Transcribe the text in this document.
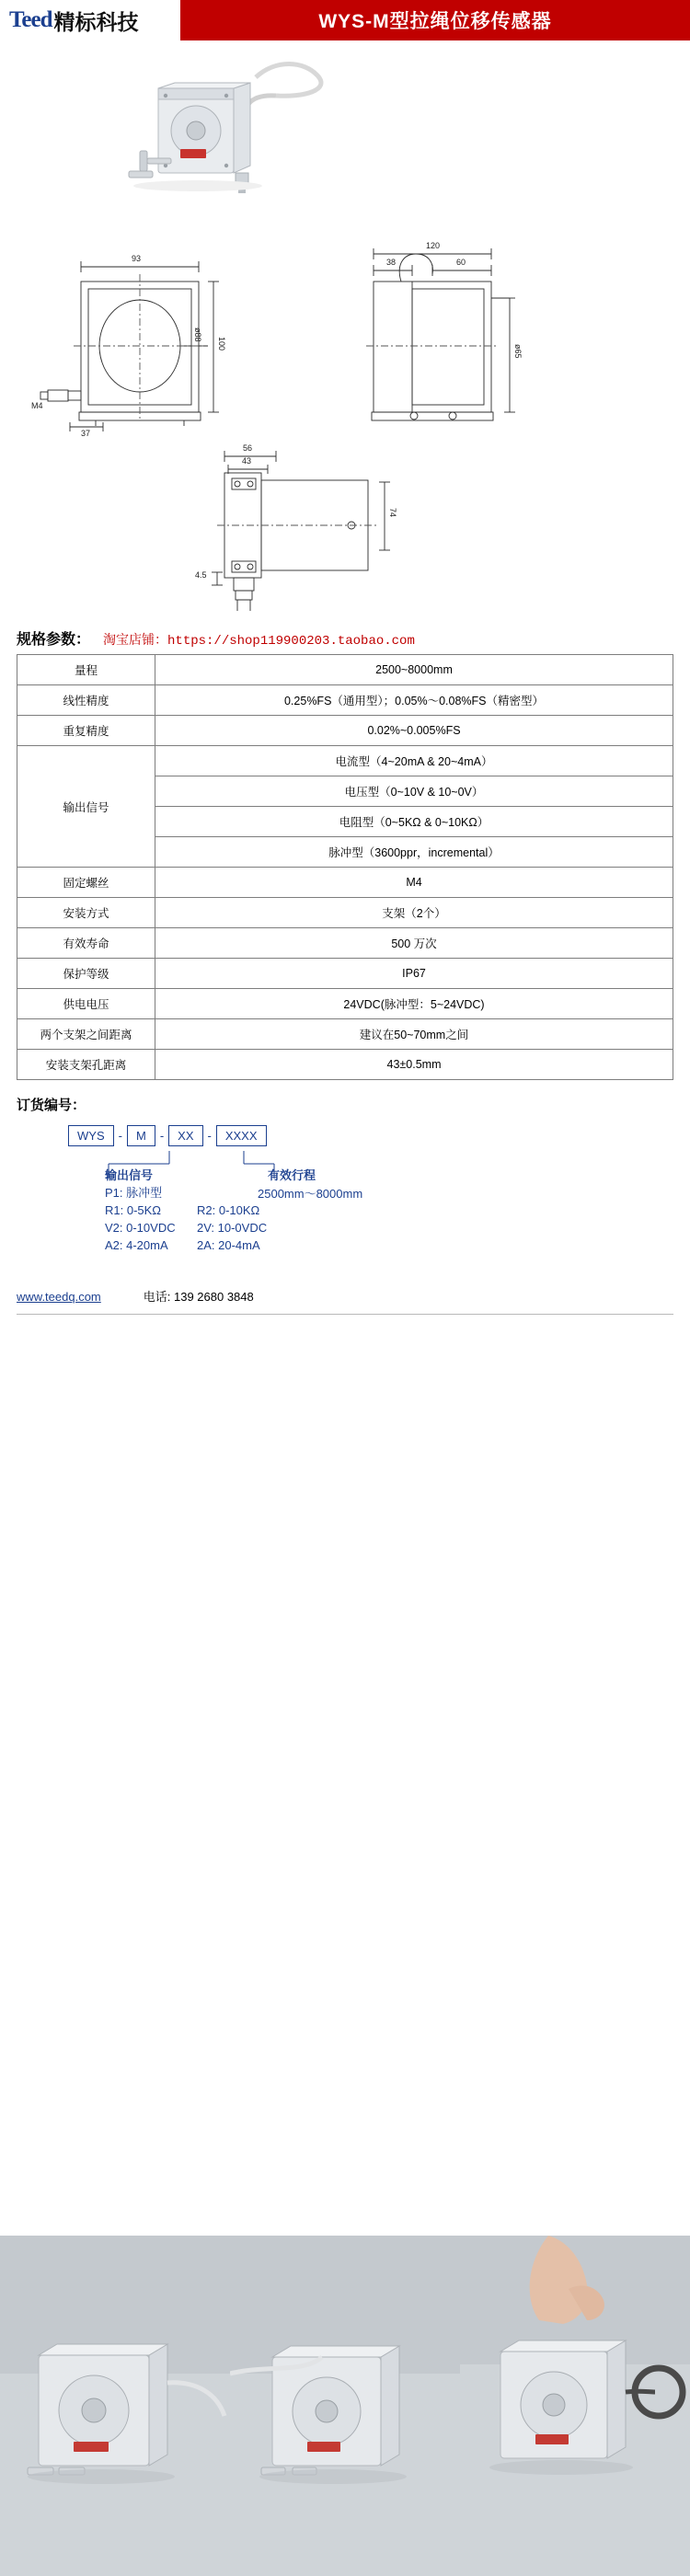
Teed 精标科技	WYS-M型拉绳位移传感器
93
100
ø88
37
M4
120
38	60
ø65
56
43
74
4.5
规格参数： 淘宝店铺：https://shop119900203.taobao.com
量程	2500~8000mm
线性精度	0.25%FS（通用型）；0.05%～0.08%FS（精密型）
重复精度	0.02%~0.005%FS
输出信号	电流型（4~20mA & 20~4mA）
	电压型（0~10V & 10~0V）
	电阻型（0~5KΩ & 0~10KΩ）
	脉冲型（3600ppr，incremental）
固定螺丝	M4
安装方式	支架（2个）
有效寿命	500 万次
保护等级	IP67
供电电压	24VDC(脉冲型：5~24VDC)
两个支架之间距离	建议在50~70mm之间
安装支架孔距离	43±0.5mm
订货编号：
WYS	-	M	-	XX	-	XXXX
输出信号
P1: 脉冲型
R1: 0-5KΩ	R2: 0-10KΩ
V2: 0-10VDC 2V: 10-0VDC
A2: 4-20mA 2A: 20-4mA
有效行程
2500mm～8000mm
www.teedq.com	电话: 139 2680 3848
